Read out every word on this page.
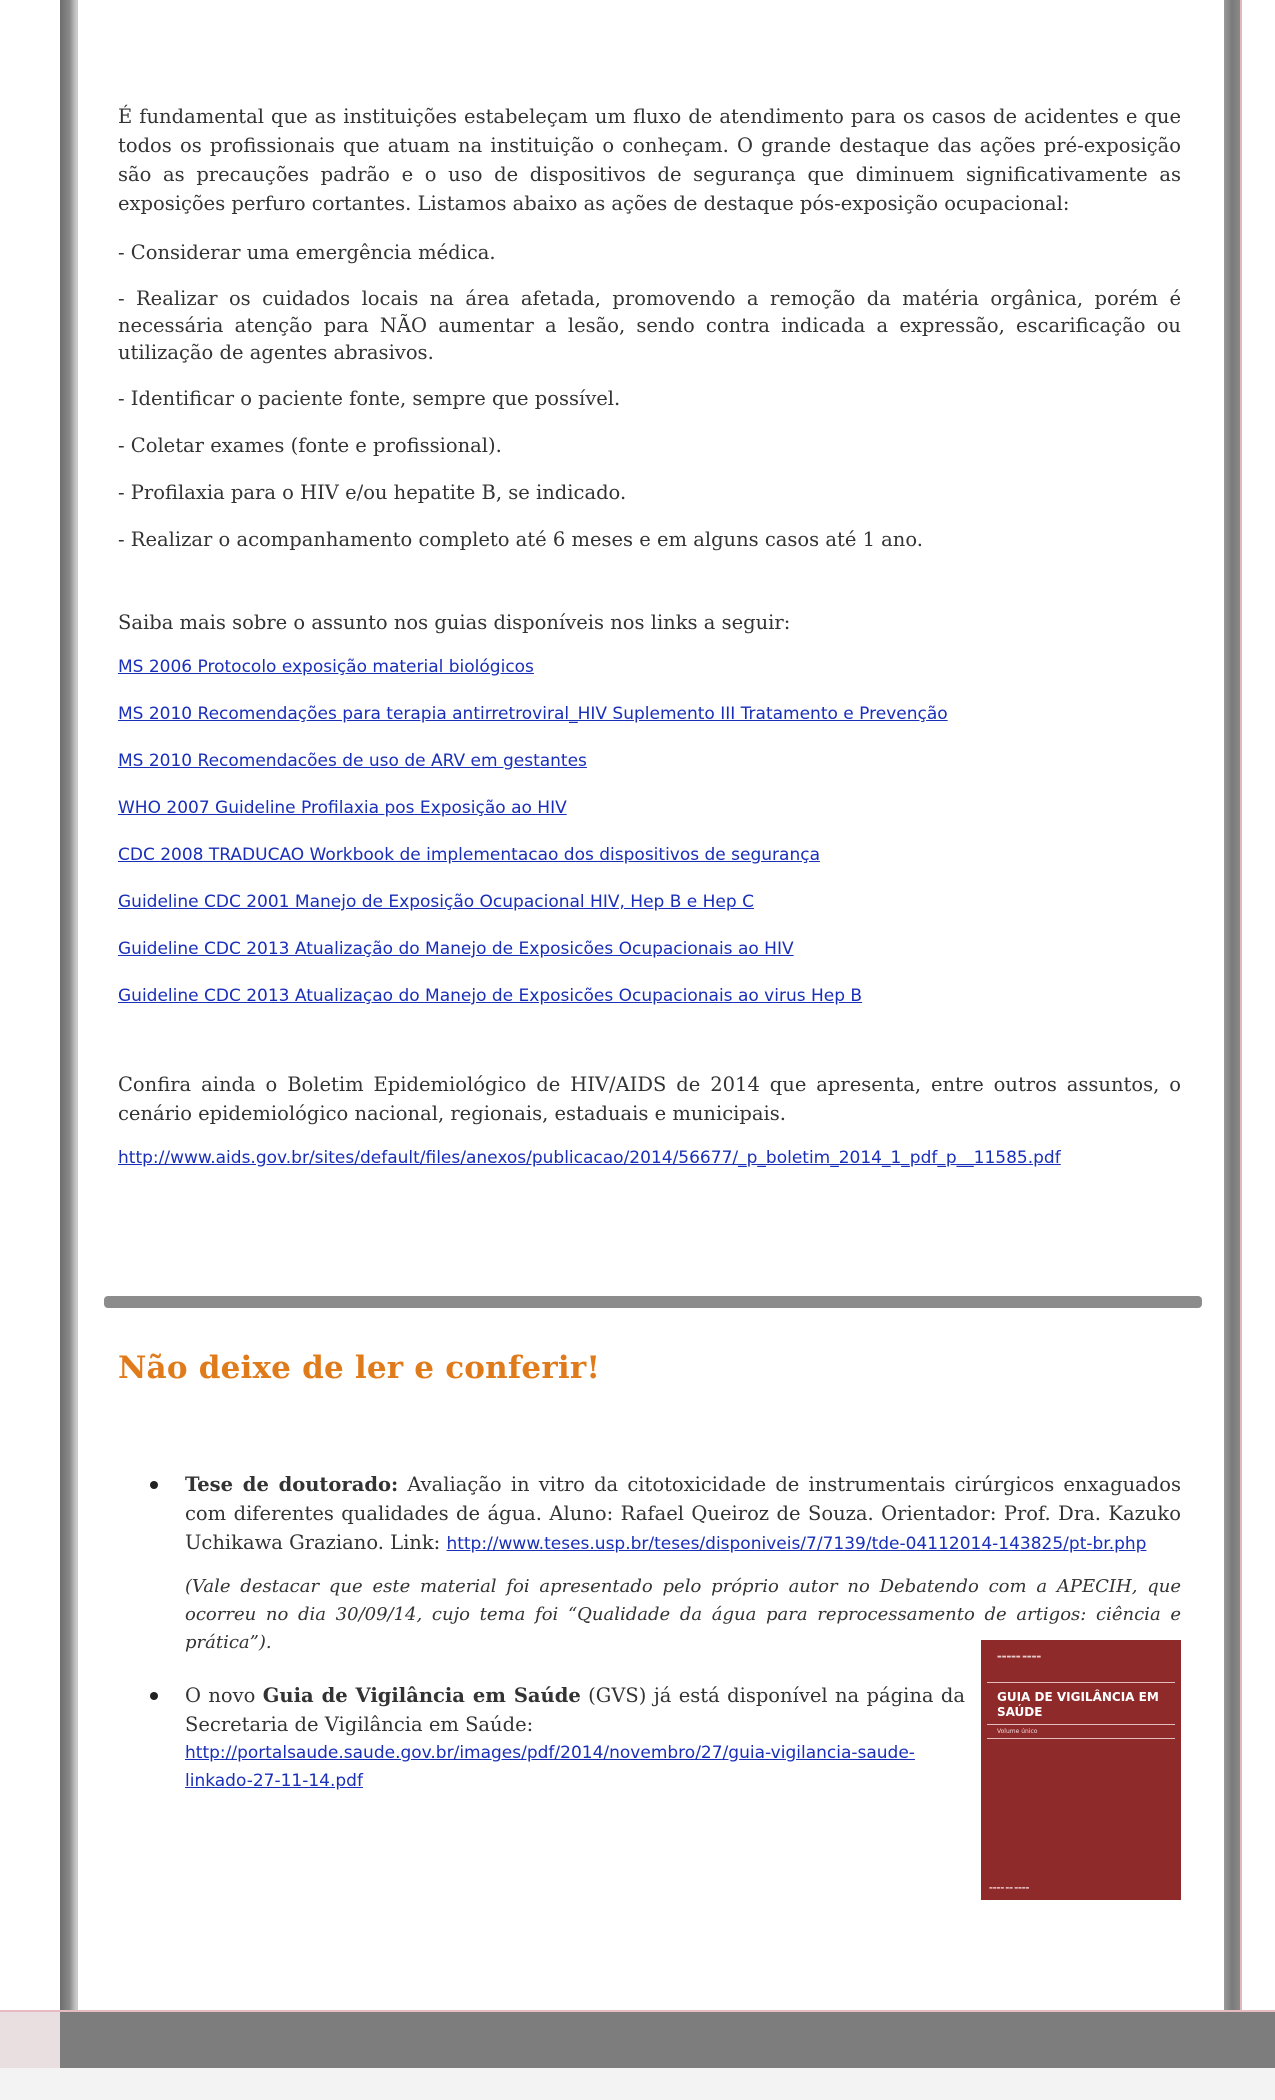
É fundamental que as instituições estabeleçam um fluxo de atendimento para os casos de acidentes e que todos os profissionais que atuam na instituição o conheçam. O grande destaque das ações pré-exposição são as precauções padrão e o uso de dispositivos de segurança que diminuem significativamente as exposições perfuro cortantes. Listamos abaixo as ações de destaque pós-exposição ocupacional:

- Considerar uma emergência médica.

- Realizar os cuidados locais na área afetada, promovendo a remoção da matéria orgânica, porém é necessária atenção para NÃO aumentar a lesão, sendo contra indicada a expressão, escarificação ou utilização de agentes abrasivos.

- Identificar o paciente fonte, sempre que possível.

- Coletar exames (fonte e profissional).

- Profilaxia para o HIV e/ou hepatite B, se indicado.

- Realizar o acompanhamento completo até 6 meses e em alguns casos até 1 ano.

Saiba mais sobre o assunto nos guias disponíveis nos links a seguir:

MS 2006 Protocolo exposição material biológicos
MS 2010 Recomendações para terapia antirretroviral_HIV Suplemento III Tratamento e Prevenção
MS 2010 Recomendacões de uso de ARV em gestantes
WHO 2007 Guideline Profilaxia pos Exposição ao HIV
CDC 2008 TRADUCAO Workbook de implementacao dos dispositivos de segurança
Guideline CDC 2001 Manejo de Exposição Ocupacional HIV, Hep B e Hep C
Guideline CDC 2013 Atualização do Manejo de Exposicões Ocupacionais ao HIV
Guideline CDC 2013 Atualizaçao do Manejo de Exposicões Ocupacionais ao virus Hep B

Confira ainda o Boletim Epidemiológico de HIV/AIDS de 2014 que apresenta, entre outros assuntos, o cenário epidemiológico nacional, regionais, estaduais e municipais.

http://www.aids.gov.br/sites/default/files/anexos/publicacao/2014/56677/_p_boletim_2014_1_pdf_p__11585.pdf
Não deixe de ler e conferir!

Tese de doutorado: Avaliação in vitro da citotoxicidade de instrumentais cirúrgicos enxaguados com diferentes qualidades de água. Aluno: Rafael Queiroz de Souza. Orientador: Prof. Dra. Kazuko Uchikawa Graziano. Link: http://www.teses.usp.br/teses/disponiveis/7/7139/tde-04112014-143825/pt-br.php

(Vale destacar que este material foi apresentado pelo próprio autor no Debatendo com a APECIH, que ocorreu no dia 30/09/14, cujo tema foi “Qualidade da água para reprocessamento de artigos: ciência e prática”).

O novo Guia de Vigilância em Saúde (GVS) já está disponível na página da Secretaria de Vigilância em Saúde:

http://portalsaude.saude.gov.br/images/pdf/2014/novembro/27/guia-vigilancia-saude-
linkado-27-11-14.pdf
▬▬▬▬▬ ▬▬▬▬
GUIA DE VIGILÂNCIA EM SAÚDE
Volume único
▬▬▬▬ ▬▬ ▬▬▬▬
